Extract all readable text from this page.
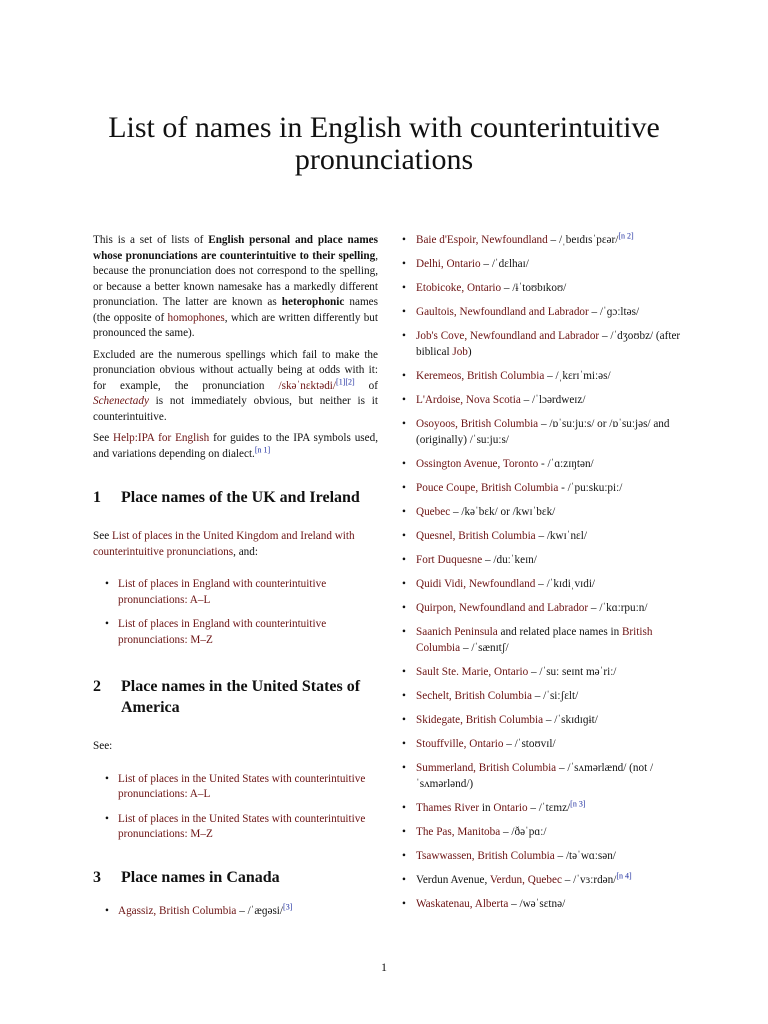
List of names in English with counterintuitive pronunciations

This is a set of lists of English personal and place names whose pronunciations are counterintuitive to their spelling, because the pronunciation does not correspond to the spelling, or because a better known namesake has a markedly different pronunciation. The latter are known as heterophonic names (the opposite of homophones, which are written differently but pronounced the same).

Excluded are the numerous spellings which fail to make the pronunciation obvious without actually being at odds with it: for example, the pronunciation /skəˈnɛktədi/[1][2] of Schenectady is not immediately obvious, but neither is it counterintuitive.

See Help:IPA for English for guides to the IPA symbols used, and variations depending on dialect.[n 1]

1	Place names of the UK and Ireland

See List of places in the United Kingdom and Ireland with counterintuitive pronunciations, and:

• List of places in England with counterintuitive pronunciations: A–L
• List of places in England with counterintuitive pronunciations: M–Z
2	Place names in the United States of America

See:

• List of places in the United States with counterintuitive pronunciations: A–L
• List of places in the United States with counterintuitive pronunciations: M–Z
3	Place names in Canada
• Agassiz, British Columbia – /ˈæɡəsi/[3]
• Baie d'Espoir, Newfoundland – /ˌbeɪdɪsˈpɛər/[n 2]
• Delhi, Ontario – /ˈdɛlhaɪ/
• Etobicoke, Ontario – /ɨˈtoʊbɪkoʊ/
• Gaultois, Newfoundland and Labrador – /ˈɡɔːltəs/
• Job's Cove, Newfoundland and Labrador – /ˈdʒoʊbz/ (after biblical Job)
• Keremeos, British Columbia – /ˌkɛrɪˈmiːəs/
• L'Ardoise, Nova Scotia – /ˈlɔərdweɪz/
• Osoyoos, British Columbia – /ɒˈsuːjuːs/ or /ɒˈsuːjəs/ and (originally) /ˈsuːjuːs/
• Ossington Avenue, Toronto - /ˈɑːzɪŋtən/
• Pouce Coupe, British Columbia - /ˈpuːskuːpiː/
• Quebec – /kəˈbɛk/ or /kwɪˈbɛk/
• Quesnel, British Columbia – /kwɪˈnɛl/
• Fort Duquesne – /duːˈkeɪn/
• Quidi Vidi, Newfoundland – /ˈkɪdiˌvɪdi/
• Quirpon, Newfoundland and Labrador – /ˈkɑːrpuːn/
• Saanich Peninsula and related place names in British Columbia – /ˈsænɪtʃ/
• Sault Ste. Marie, Ontario – /ˈsuː seɪnt məˈriː/
• Sechelt, British Columbia – /ˈsiːʃɛlt/
• Skidegate, British Columbia – /ˈskɪdɪɡɨt/
• Stouffville, Ontario – /ˈstoʊvɪl/
• Summerland, British Columbia – /ˈsʌmərlænd/ (not /ˈsʌmərlənd/)
• Thames River in Ontario – /ˈtɛmz/[n 3]
• The Pas, Manitoba – /ðəˈpɑː/
• Tsawwassen, British Columbia – /təˈwɑːsən/
• Verdun Avenue, Verdun, Quebec – /ˈvɜːrdən/[n 4]
• Waskatenau, Alberta – /wəˈsɛtnə/
1
